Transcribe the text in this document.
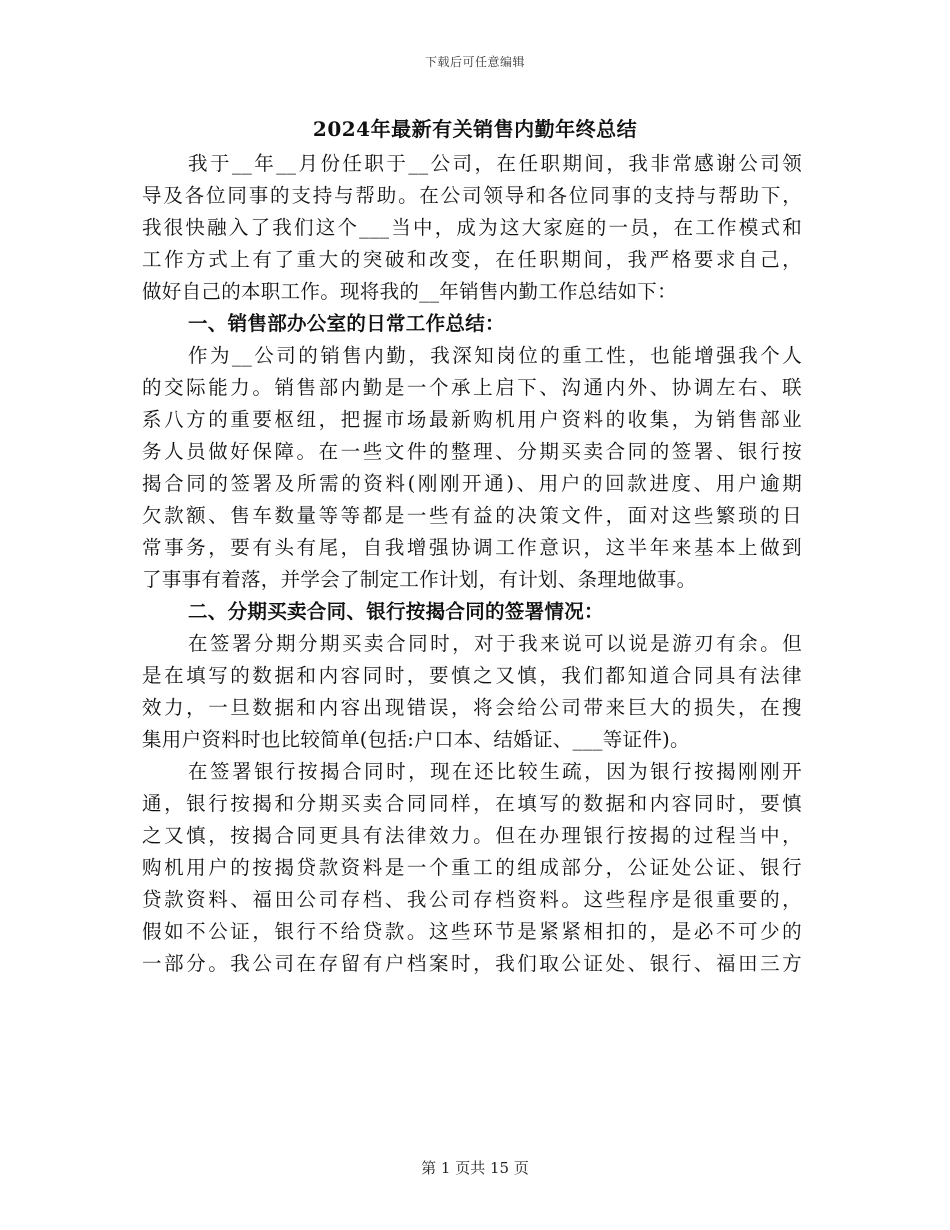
下载后可任意编辑
2024年最新有关销售内勤年终总结
我于__年__月份任职于__公司，在任职期间，我非常感谢公司领
导及各位同事的支持与帮助。在公司领导和各位同事的支持与帮助下，
我很快融入了我们这个___当中，成为这大家庭的一员，在工作模式和
工作方式上有了重大的突破和改变，在任职期间，我严格要求自己，
做好自己的本职工作。现将我的__年销售内勤工作总结如下：
一、销售部办公室的日常工作总结：
作为__公司的销售内勤，我深知岗位的重工性，也能增强我个人
的交际能力。销售部内勤是一个承上启下、沟通内外、协调左右、联
系八方的重要枢纽，把握市场最新购机用户资料的收集，为销售部业
务人员做好保障。在一些文件的整理、分期买卖合同的签署、银行按
揭合同的签署及所需的资料(刚刚开通)、用户的回款进度、用户逾期
欠款额、售车数量等等都是一些有益的决策文件，面对这些繁琐的日
常事务，要有头有尾，自我增强协调工作意识，这半年来基本上做到
了事事有着落，并学会了制定工作计划，有计划、条理地做事。
二、分期买卖合同、银行按揭合同的签署情况：
在签署分期分期买卖合同时，对于我来说可以说是游刃有余。但
是在填写的数据和内容同时，要慎之又慎，我们都知道合同具有法律
效力，一旦数据和内容出现错误，将会给公司带来巨大的损失，在搜
集用户资料时也比较简单(包括:户口本、结婚证、___等证件)。
在签署银行按揭合同时，现在还比较生疏，因为银行按揭刚刚开
通，银行按揭和分期买卖合同同样，在填写的数据和内容同时，要慎
之又慎，按揭合同更具有法律效力。但在办理银行按揭的过程当中，
购机用户的按揭贷款资料是一个重工的组成部分，公证处公证、银行
贷款资料、福田公司存档、我公司存档资料。这些程序是很重要的，
假如不公证，银行不给贷款。这些环节是紧紧相扣的，是必不可少的
一部分。我公司在存留有户档案时，我们取公证处、银行、福田三方
第 1 页共 15 页
